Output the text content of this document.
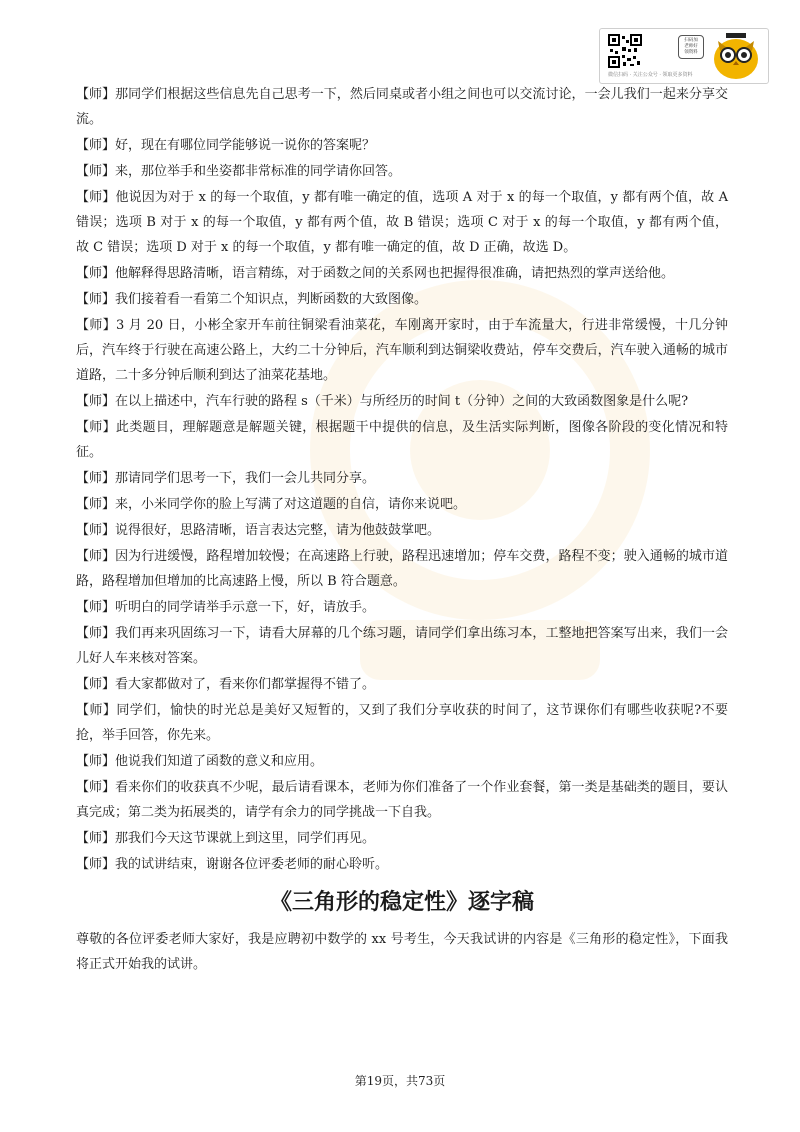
扫码加
老师好
领资料
微信扫码 · 关注公众号 · 领取更多资料

【师】那同学们根据这些信息先自己思考一下，然后同桌或者小组之间也可以交流讨论，一会儿我们一起来分享交流。

【师】好，现在有哪位同学能够说一说你的答案呢？

【师】来，那位举手和坐姿都非常标准的同学请你回答。

【师】他说因为对于 x 的每一个取值，y 都有唯一确定的值，选项 A 对于 x 的每一个取值，y 都有两个值，故 A 错误；选项 B 对于 x 的每一个取值，y 都有两个值，故 B 错误；选项 C 对于 x 的每一个取值，y 都有两个值，故 C 错误；选项 D 对于 x 的每一个取值，y 都有唯一确定的值，故 D 正确，故选 D。

【师】他解释得思路清晰，语言精练，对于函数之间的关系网也把握得很准确，请把热烈的掌声送给他。

【师】我们接着看一看第二个知识点，判断函数的大致图像。

【师】3 月 20 日，小彬全家开车前往铜梁看油菜花，车刚离开家时，由于车流量大，行进非常缓慢，十几分钟后，汽车终于行驶在高速公路上，大约二十分钟后，汽车顺利到达铜梁收费站，停车交费后，汽车驶入通畅的城市道路，二十多分钟后顺利到达了油菜花基地。

【师】在以上描述中，汽车行驶的路程 s（千米）与所经历的时间 t（分钟）之间的大致函数图象是什么呢?

【师】此类题目，理解题意是解题关键，根据题干中提供的信息，及生活实际判断，图像各阶段的变化情况和特征。

【师】那请同学们思考一下，我们一会儿共同分享。

【师】来，小米同学你的脸上写满了对这道题的自信，请你来说吧。

【师】说得很好，思路清晰，语言表达完整，请为他鼓鼓掌吧。

【师】因为行进缓慢，路程增加较慢；在高速路上行驶，路程迅速增加；停车交费，路程不变；驶入通畅的城市道路，路程增加但增加的比高速路上慢，所以 B 符合题意。

【师】听明白的同学请举手示意一下，好，请放手。

【师】我们再来巩固练习一下，请看大屏幕的几个练习题，请同学们拿出练习本，工整地把答案写出来，我们一会儿好人车来核对答案。

【师】看大家都做对了，看来你们都掌握得不错了。

【师】同学们，愉快的时光总是美好又短暂的，又到了我们分享收获的时间了，这节课你们有哪些收获呢?不要抢，举手回答，你先来。

【师】他说我们知道了函数的意义和应用。

【师】看来你们的收获真不少呢，最后请看课本，老师为你们准备了一个作业套餐，第一类是基础类的题目，要认真完成；第二类为拓展类的，请学有余力的同学挑战一下自我。

【师】那我们今天这节课就上到这里，同学们再见。

【师】我的试讲结束，谢谢各位评委老师的耐心聆听。

《三角形的稳定性》逐字稿

尊敬的各位评委老师大家好，我是应聘初中数学的 xx 号考生，今天我试讲的内容是《三角形的稳定性》，下面我将正式开始我的试讲。

第19页，共73页
